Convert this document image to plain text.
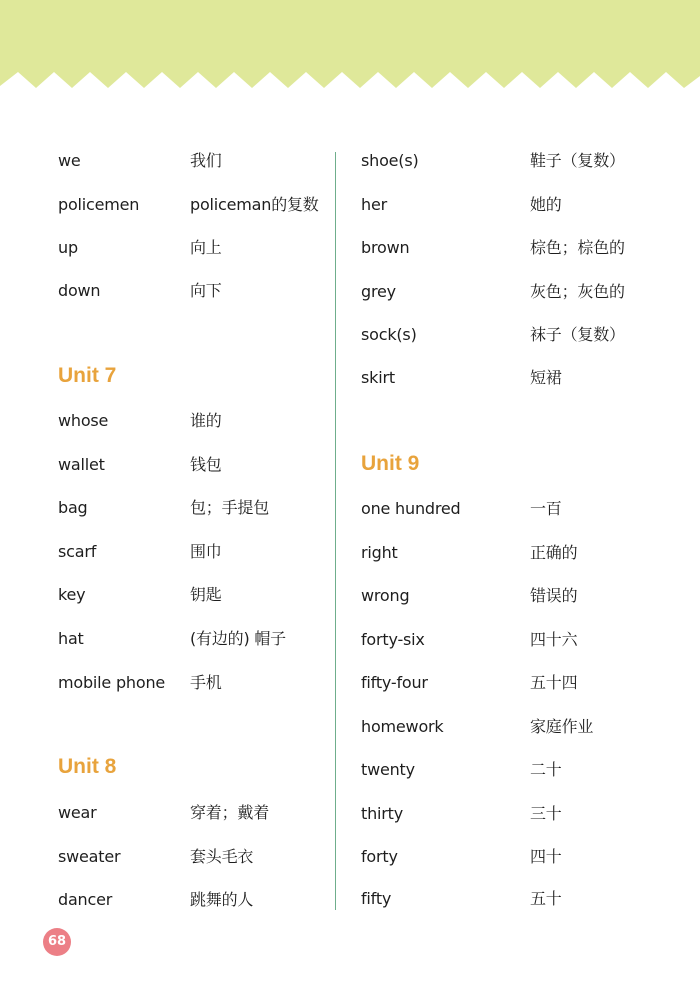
we	我们
policemen	policeman的复数
up	向上
down	向下
Unit 7
whose	谁的
wallet	钱包
bag	包；手提包
scarf	围巾
key	钥匙
hat	(有边的) 帽子
mobile phone 手机
Unit 8
wear	穿着；戴着
sweater	套头毛衣
dancer	跳舞的人
shoe(s)	鞋子（复数）
her	她的
brown	棕色；棕色的
grey	灰色；灰色的
sock(s)	袜子（复数）
skirt	短裙
Unit 9
one hundred	一百
right	正确的
wrong	错误的
forty-six	四十六
fifty-four	五十四
homework	家庭作业
twenty	二十
thirty	三十
forty	四十
fifty	五十
68
